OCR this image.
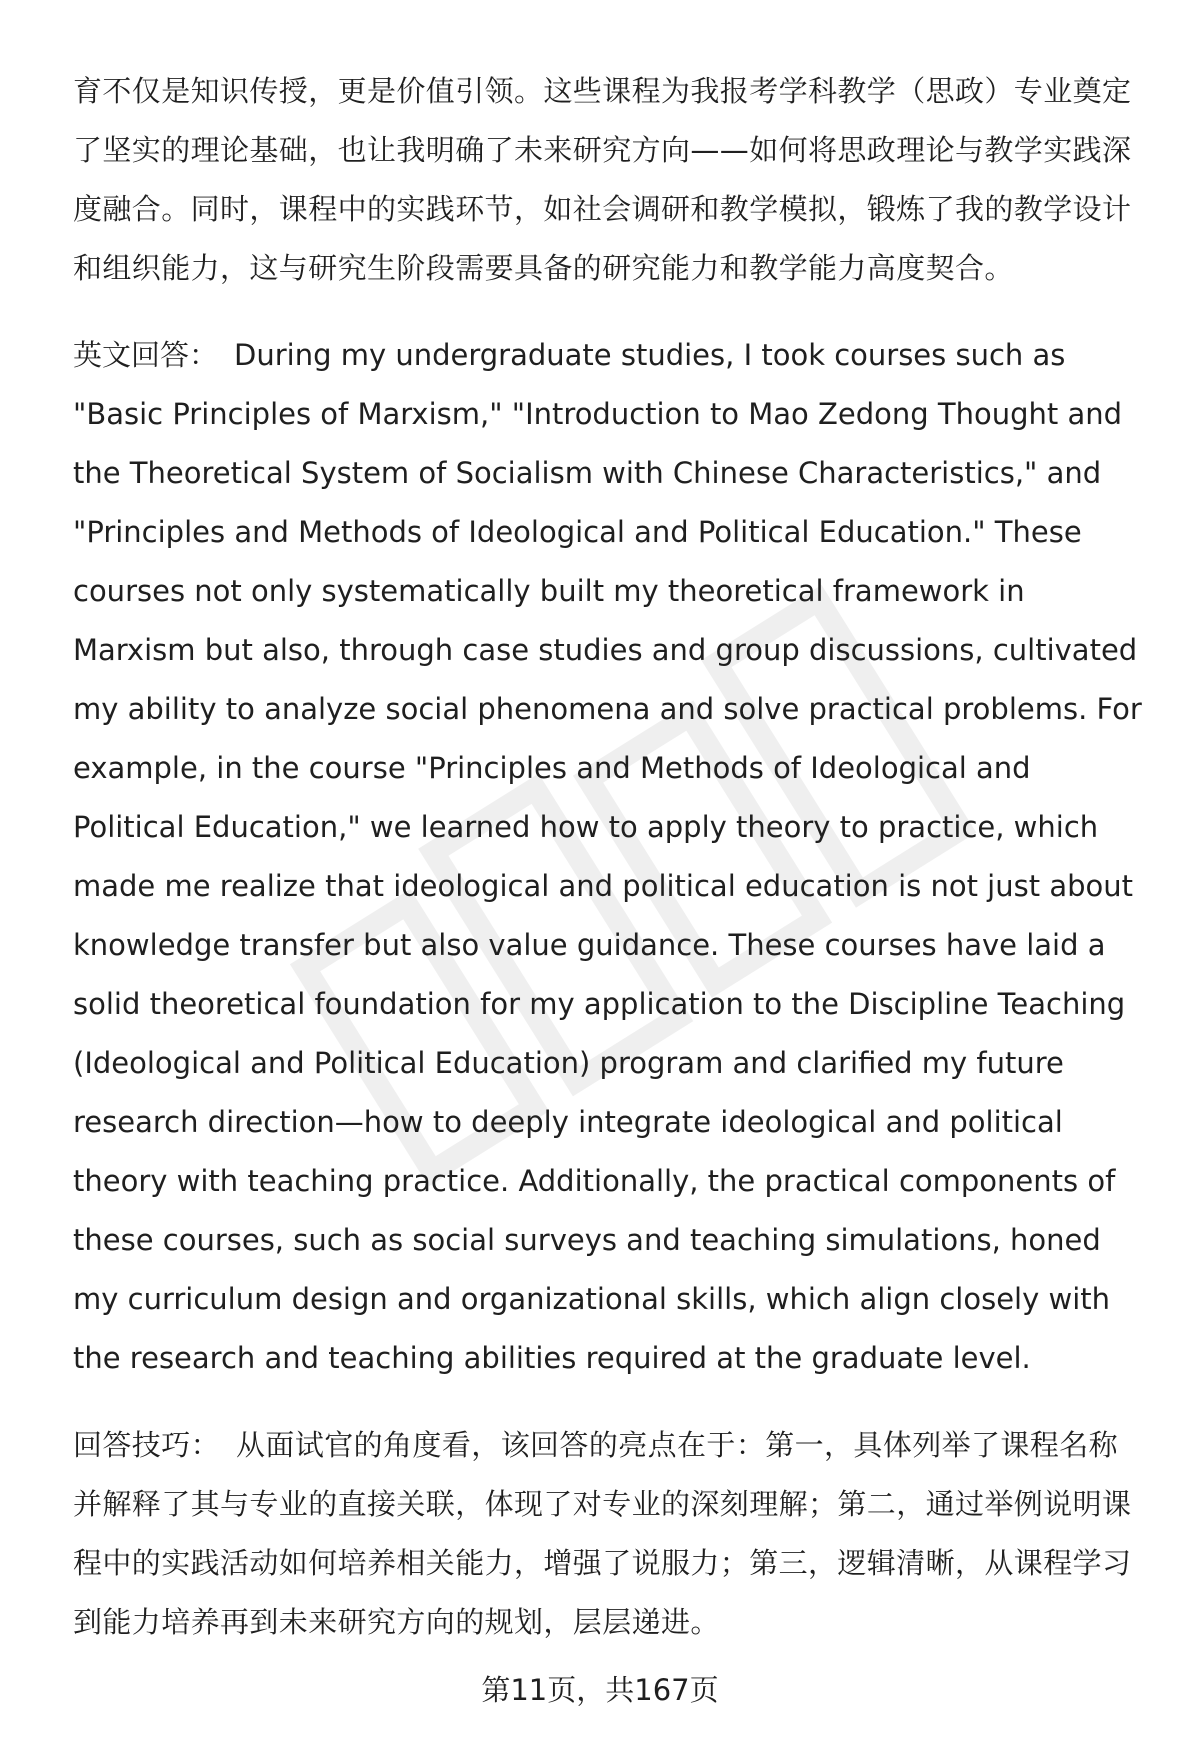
育不仅是知识传授，更是价值引领。这些课程为我报考学科教学（思政）专业奠定了坚实的理论基础，也让我明确了未来研究方向——如何将思政理论与教学实践深度融合。同时，课程中的实践环节，如社会调研和教学模拟，锻炼了我的教学设计和组织能力，这与研究生阶段需要具备的研究能力和教学能力高度契合。

英文回答： During my undergraduate studies, I took courses such as "Basic Principles of Marxism," "Introduction to Mao Zedong Thought and the Theoretical System of Socialism with Chinese Characteristics," and "Principles and Methods of Ideological and Political Education." These courses not only systematically built my theoretical framework in Marxism but also, through case studies and group discussions, cultivated my ability to analyze social phenomena and solve practical problems. For example, in the course "Principles and Methods of Ideological and Political Education," we learned how to apply theory to practice, which made me realize that ideological and political education is not just about knowledge transfer but also value guidance. These courses have laid a solid theoretical foundation for my application to the Discipline Teaching (Ideological and Political Education) program and clarified my future research direction—how to deeply integrate ideological and political theory with teaching practice. Additionally, the practical components of these courses, such as social surveys and teaching simulations, honed my curriculum design and organizational skills, which align closely with the research and teaching abilities required at the graduate level.

回答技巧： 从面试官的角度看，该回答的亮点在于：第一，具体列举了课程名称并解释了其与专业的直接关联，体现了对专业的深刻理解；第二，通过举例说明课程中的实践活动如何培养相关能力，增强了说服力；第三，逻辑清晰，从课程学习到能力培养再到未来研究方向的规划，层层递进。

第11页，共167页
